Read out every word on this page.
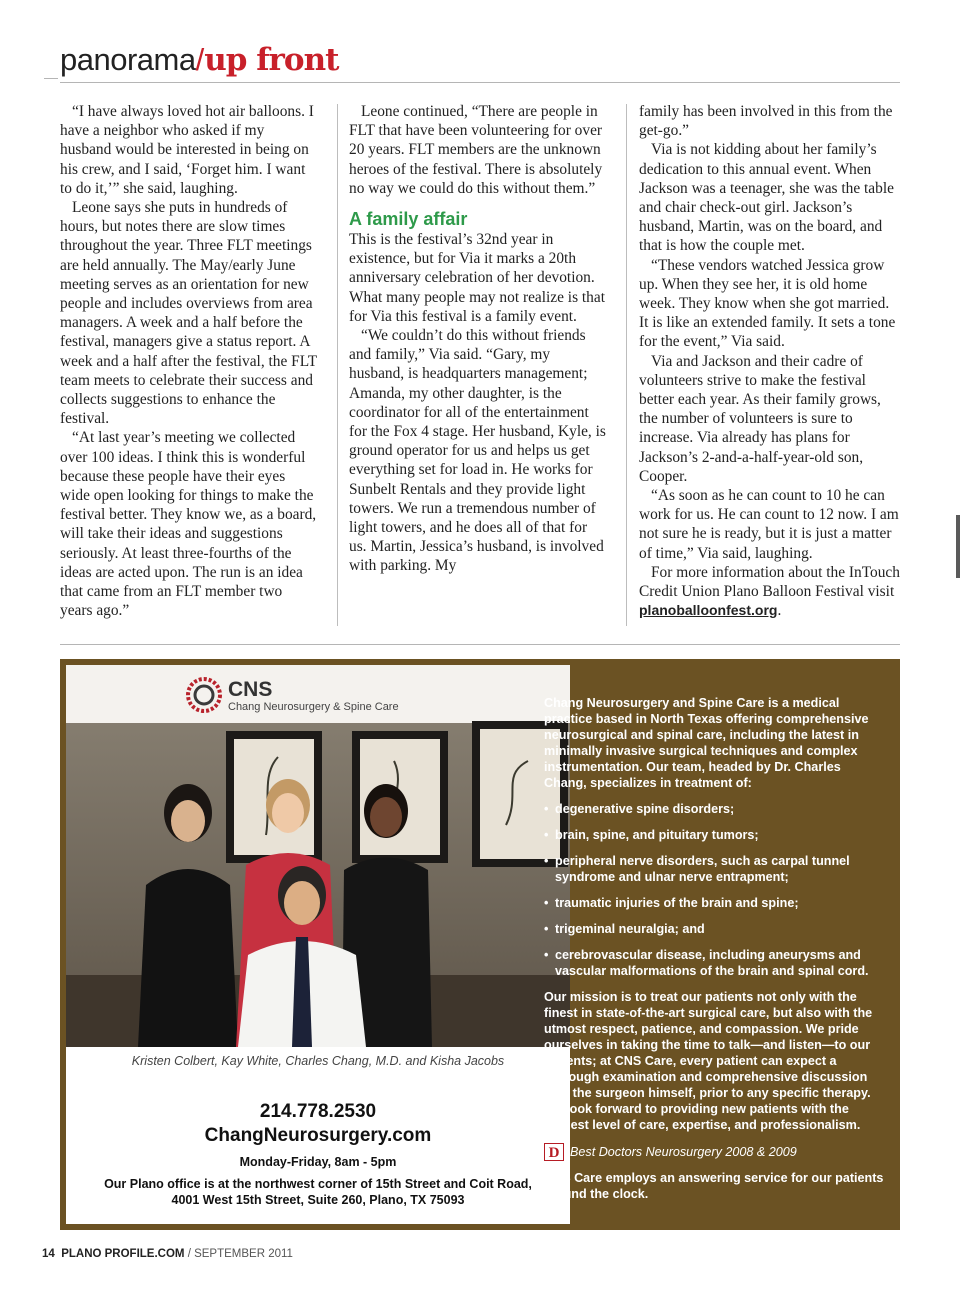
panorama/up front

“I have always loved hot air balloons. I have a neighbor who asked if my husband would be interested in being on his crew, and I said, ‘Forget him. I want to do it,’” she said, laughing.

Leone says she puts in hundreds of hours, but notes there are slow times throughout the year. Three FLT meetings are held annually. The May/early June meeting serves as an orientation for new people and includes overviews from area managers. A week and a half before the festival, managers give a status report. A week and a half after the festival, the FLT team meets to celebrate their success and collects suggestions to enhance the festival.

“At last year’s meeting we collected over 100 ideas. I think this is wonderful because these people have their eyes wide open looking for things to make the festival better. They know we, as a board, will take their ideas and suggestions seriously. At least three-fourths of the ideas are acted upon. The run is an idea that came from an FLT member two years ago.”

Leone continued, “There are people in FLT that have been volunteering for over 20 years. FLT members are the unknown heroes of the festival. There is absolutely no way we could do this without them.”

A family affair

This is the festival’s 32nd year in existence, but for Via it marks a 20th anniversary celebration of her devotion. What many people may not realize is that for Via this festival is a family event.

“We couldn’t do this without friends and family,” Via said. “Gary, my husband, is headquarters management; Amanda, my other daughter, is the coordinator for all of the entertainment for the Fox 4 stage. Her husband, Kyle, is ground operator for us and helps us get everything set for load in. He works for Sunbelt Rentals and they provide light towers. We run a tremendous number of light towers, and he does all of that for us. Martin, Jessica’s husband, is involved with parking. My

family has been involved in this from the get-go.”

Via is not kidding about her family’s dedication to this annual event. When Jackson was a teenager, she was the table and chair check-out girl. Jackson’s husband, Martin, was on the board, and that is how the couple met.

“These vendors watched Jessica grow up. When they see her, it is old home week. They know when she got married. It is like an extended family. It sets a tone for the event,” Via said.

Via and Jackson and their cadre of volunteers strive to make the festival better each year. As their family grows, the number of volunteers is sure to increase. Via already has plans for Jackson’s 2-and-a-half-year-old son, Cooper.

“As soon as he can count to 10 he can work for us. He can count to 12 now. I am not sure he is ready, but it is just a matter of time,” Via said, laughing.

For more information about the InTouch Credit Union Plano Balloon Festival visit planoballoonfest.org.

CNS
Chang Neurosurgery & Spine Care
Kristen Colbert, Kay White, Charles Chang, M.D. and Kisha Jacobs
214.778.2530
ChangNeurosurgery.com
Monday-Friday, 8am - 5pm
Our Plano office is at the northwest corner of 15th Street and Coit Road,
4001 West 15th Street, Suite 260, Plano, TX 75093

Chang Neurosurgery and Spine Care is a medical practice based in North Texas offering comprehensive neurosurgical and spinal care, including the latest in minimally invasive surgical techniques and complex instrumentation. Our team, headed by Dr. Charles Chang, specializes in treatment of:

• degenerative spine disorders;
• brain, spine, and pituitary tumors;
• peripheral nerve disorders, such as carpal tunnel syndrome and ulnar nerve entrapment;
• traumatic injuries of the brain and spine;
• trigeminal neuralgia; and
• cerebrovascular disease, including aneurysms and vascular malformations of the brain and spinal cord.

Our mission is to treat our patients not only with the finest in state-of-the-art surgical care, but also with the utmost respect, patience, and compassion. We pride ourselves in taking the time to talk—and listen—to our patients; at CNS Care, every patient can expect a thorough examination and comprehensive discussion with the surgeon himself, prior to any specific therapy. We look forward to providing new patients with the highest level of care, expertise, and professionalism.

D Best Doctors Neurosurgery 2008 & 2009

CNS Care employs an answering service for our patients around the clock.

14 PLANO PROFILE.COM / SEPTEMBER 2011
